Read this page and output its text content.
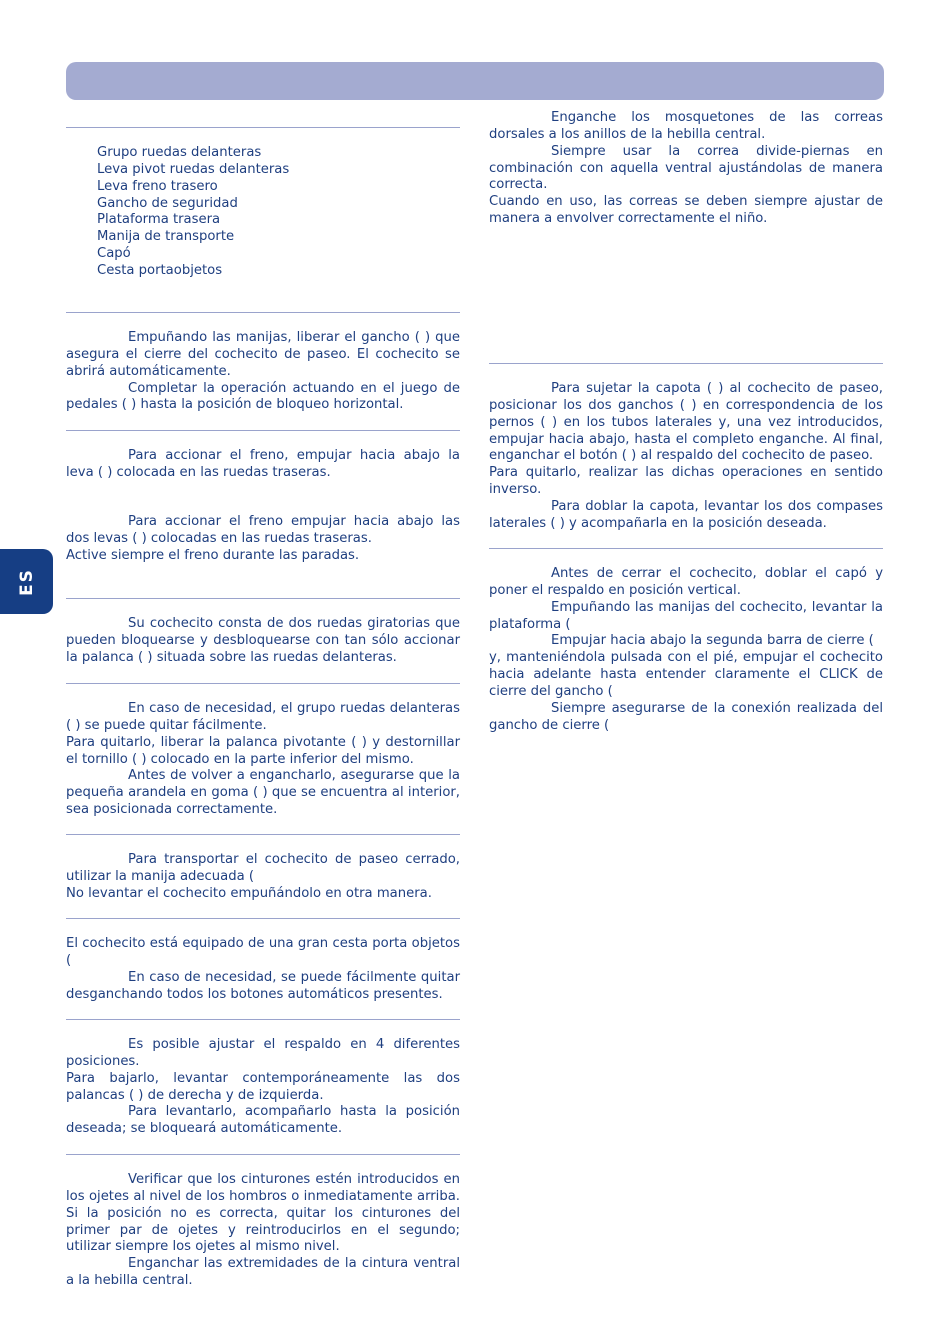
ES

Grupo ruedas delanteras

Leva pivot ruedas delanteras

Leva freno trasero

Gancho de seguridad

Plataforma trasera

Manija de transporte

Capó

Cesta portaobjetos

Empuñando las manijas, liberar el gancho ( ) que asegura el cierre del cochecito de paseo. El cochecito se abrirá automáticamente.

Completar la operación actuando en el juego de pedales ( ) hasta la posición de bloqueo horizontal.

Para accionar el freno, empujar hacia abajo la leva ( ) colocada en las ruedas traseras.

Para accionar el freno empujar hacia abajo las dos levas ( ) colocadas en las ruedas traseras.

Active siempre el freno durante las paradas.

Su cochecito consta de dos ruedas giratorias que pueden bloquearse y desbloquearse con tan sólo accionar la palanca ( ) situada sobre las ruedas delanteras.

En caso de necesidad, el grupo ruedas delanteras ( ) se puede quitar fácilmente.

Para quitarlo, liberar la palanca pivotante ( ) y destornillar el tornillo ( ) colocado en la parte inferior del mismo.

Antes de volver a engancharlo, asegurarse que la pequeña arandela en goma ( ) que se encuentra al interior, sea posicionada correctamente.

Para transportar el cochecito de paseo cerrado, utilizar la manija adecuada (

No levantar el cochecito empuñándolo en otra manera.

El cochecito está equipado de una gran cesta porta objetos (

En caso de necesidad, se puede fácilmente quitar desganchando todos los botones automáticos presentes.

Es posible ajustar el respaldo en 4 diferentes posiciones.

Para bajarlo, levantar contemporáneamente las dos palancas ( ) de derecha y de izquierda.

Para levantarlo, acompañarlo hasta la posición deseada; se bloqueará automáticamente.

Verificar que los cinturones estén introducidos en los ojetes al nivel de los hombros o inmediatamente arriba. Si la posición no es correcta, quitar los cinturones del primer par de ojetes y reintroducirlos en el segundo; utilizar siempre los ojetes al mismo nivel.

Enganchar las extremidades de la cintura ventral a la hebilla central.

Enganche los mosquetones de las correas dorsales a los anillos de la hebilla central.

Siempre usar la correa divide-piernas en combinación con aquella ventral ajustándolas de manera correcta.

Cuando en uso, las correas se deben siempre ajustar de manera a envolver correctamente el niño.

Para sujetar la capota ( ) al cochecito de paseo, posicionar los dos ganchos ( ) en correspondencia de los pernos ( ) en los tubos laterales y, una vez introducidos, empujar hacia abajo, hasta el completo enganche. Al final, enganchar el botón ( ) al respaldo del cochecito de paseo.

Para quitarlo, realizar las dichas operaciones en sentido inverso.

Para doblar la capota, levantar los dos compases laterales ( ) y acompañarla en la posición deseada.

Antes de cerrar el cochecito, doblar el capó y poner el respaldo en posición vertical.

Empuñando las manijas del cochecito, levantar la plataforma (

Empujar hacia abajo la segunda barra de cierre (

y, manteniéndola pulsada con el pié, empujar el cochecito hacia adelante hasta entender claramente el CLICK de cierre del gancho (

Siempre asegurarse de la conexión realizada del gancho de cierre (
